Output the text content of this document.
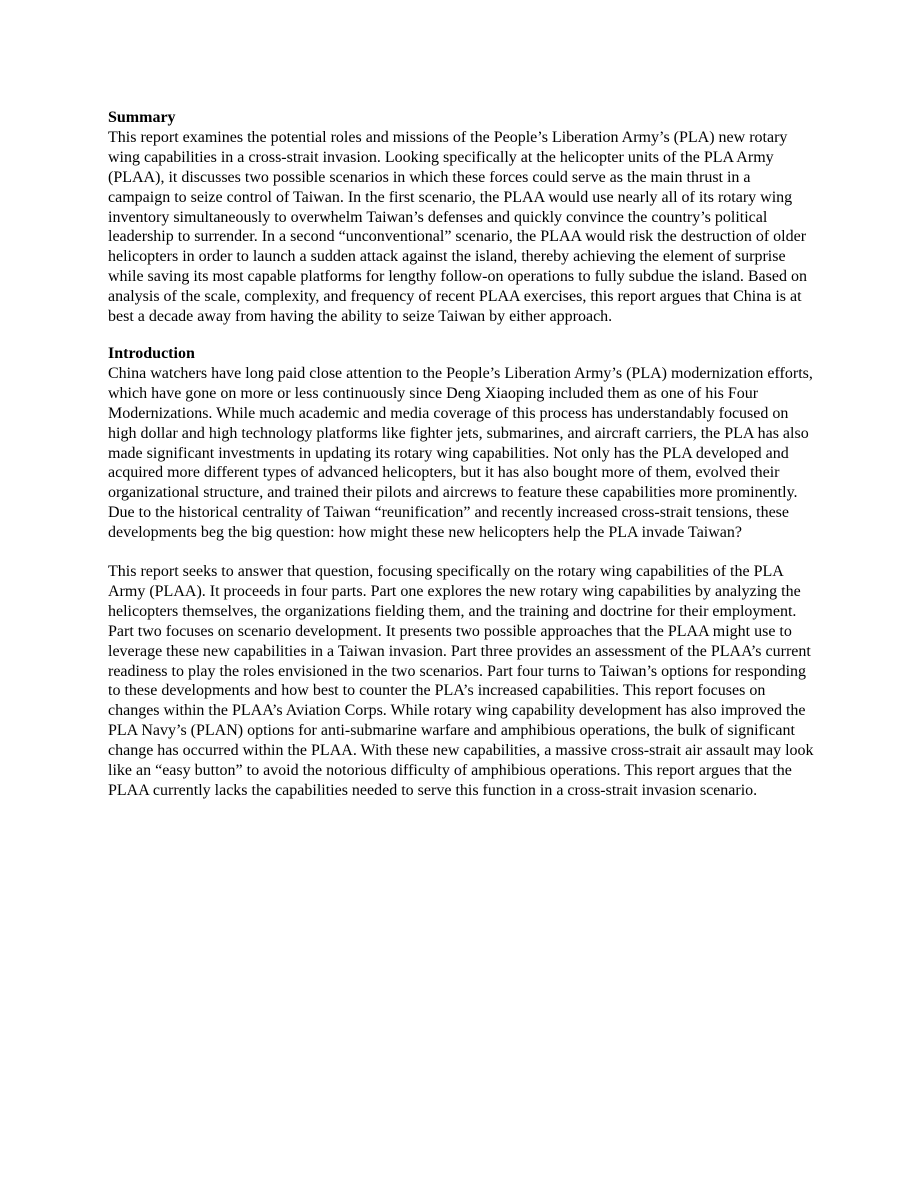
Summary

This report examines the potential roles and missions of the People’s Liberation Army’s (PLA) new rotary wing capabilities in a cross-strait invasion. Looking specifically at the helicopter units of the PLA Army (PLAA), it discusses two possible scenarios in which these forces could serve as the main thrust in a campaign to seize control of Taiwan. In the first scenario, the PLAA would use nearly all of its rotary wing inventory simultaneously to overwhelm Taiwan’s defenses and quickly convince the country’s political leadership to surrender. In a second “unconventional” scenario, the PLAA would risk the destruction of older helicopters in order to launch a sudden attack against the island, thereby achieving the element of surprise while saving its most capable platforms for lengthy follow-on operations to fully subdue the island. Based on analysis of the scale, complexity, and frequency of recent PLAA exercises, this report argues that China is at best a decade away from having the ability to seize Taiwan by either approach.

Introduction

China watchers have long paid close attention to the People’s Liberation Army’s (PLA) modernization efforts, which have gone on more or less continuously since Deng Xiaoping included them as one of his Four Modernizations. While much academic and media coverage of this process has understandably focused on high dollar and high technology platforms like fighter jets, submarines, and aircraft carriers, the PLA has also made significant investments in updating its rotary wing capabilities. Not only has the PLA developed and acquired more different types of advanced helicopters, but it has also bought more of them, evolved their organizational structure, and trained their pilots and aircrews to feature these capabilities more prominently. Due to the historical centrality of Taiwan “reunification” and recently increased cross-strait tensions, these developments beg the big question: how might these new helicopters help the PLA invade Taiwan?

This report seeks to answer that question, focusing specifically on the rotary wing capabilities of the PLA Army (PLAA). It proceeds in four parts. Part one explores the new rotary wing capabilities by analyzing the helicopters themselves, the organizations fielding them, and the training and doctrine for their employment. Part two focuses on scenario development. It presents two possible approaches that the PLAA might use to leverage these new capabilities in a Taiwan invasion. Part three provides an assessment of the PLAA’s current readiness to play the roles envisioned in the two scenarios. Part four turns to Taiwan’s options for responding to these developments and how best to counter the PLA’s increased capabilities. This report focuses on changes within the PLAA’s Aviation Corps. While rotary wing capability development has also improved the PLA Navy’s (PLAN) options for anti-submarine warfare and amphibious operations, the bulk of significant change has occurred within the PLAA. With these new capabilities, a massive cross-strait air assault may look like an “easy button” to avoid the notorious difficulty of amphibious operations. This report argues that the PLAA currently lacks the capabilities needed to serve this function in a cross-strait invasion scenario.
